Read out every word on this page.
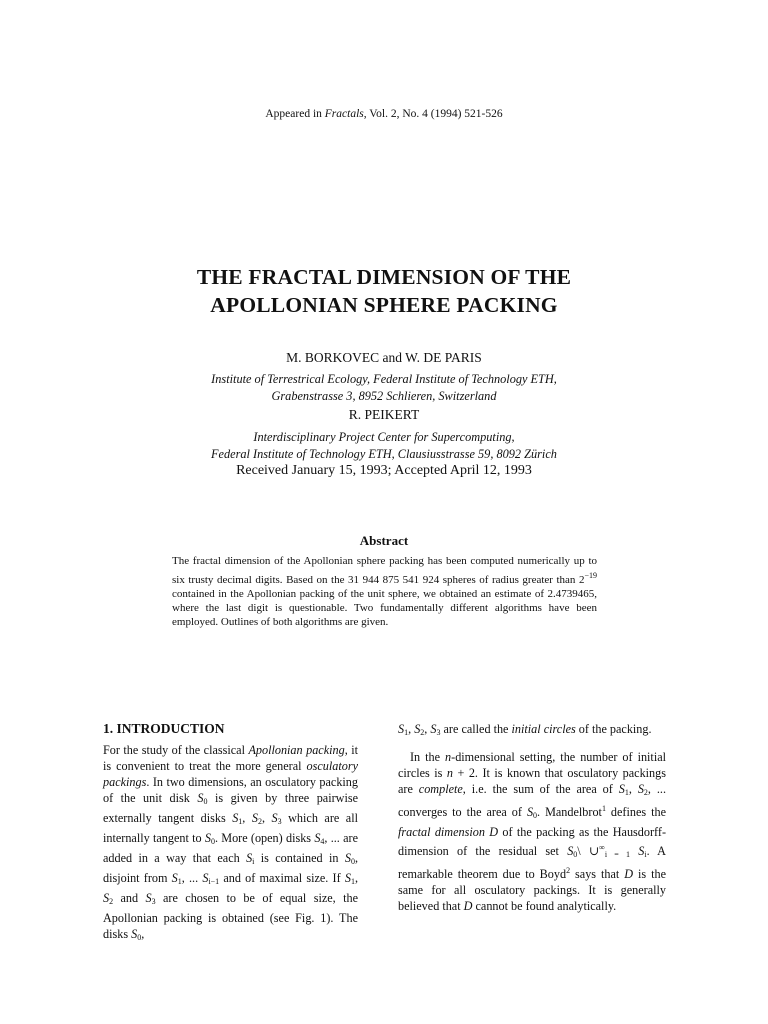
Appeared in Fractals, Vol. 2, No. 4 (1994) 521-526
THE FRACTAL DIMENSION OF THE
APOLLONIAN SPHERE PACKING
M. BORKOVEC and W. DE PARIS
Institute of Terrestrical Ecology, Federal Institute of Technology ETH,
Grabenstrasse 3, 8952 Schlieren, Switzerland
R. PEIKERT
Interdisciplinary Project Center for Supercomputing,
Federal Institute of Technology ETH, Clausiusstrasse 59, 8092 Zürich
Received January 15, 1993; Accepted April 12, 1993
Abstract
The fractal dimension of the Apollonian sphere packing has been computed numerically up to six trusty decimal digits. Based on the 31 944 875 541 924 spheres of radius greater than $2^{-19}$ contained in the Apollonian packing of the unit sphere, we obtained an estimate of 2.4739465, where the last digit is questionable. Two fundamentally different algorithms have been employed. Outlines of both algorithms are given.
1. INTRODUCTION

For the study of the classical Apollonian packing, it is convenient to treat the more general osculatory packings. In two dimensions, an osculatory packing of the unit disk $S_0$ is given by three pairwise externally tangent disks $S_1$, $S_2$, $S_3$ which are all internally tangent to $S_0$. More (open) disks $S_4$, ... are added in a way that each $S_i$ is contained in $S_0$, disjoint from $S_1$, ... $S_{i-1}$ and of maximal size. If $S_1$, $S_2$ and $S_3$ are chosen to be of equal size, the Apollonian packing is obtained (see Fig. 1). The disks $S_0$,

$S_1$, $S_2$, $S_3$ are called the initial circles of the packing.

In the n-dimensional setting, the number of initial circles is n + 2. It is known that osculatory packings are complete, i.e. the sum of the area of $S_1$, $S_2$, ... converges to the area of $S_0$. Mandelbrot$^1$ defines the fractal dimension D of the packing as the Hausdorff-dimension of the residual set $S_0\backslash$ $\cup^\infty_{i = 1}$ $S_i$. A remarkable theorem due to Boyd$^2$ says that D is the same for all osculatory packings. It is generally believed that D cannot be found analytically.
